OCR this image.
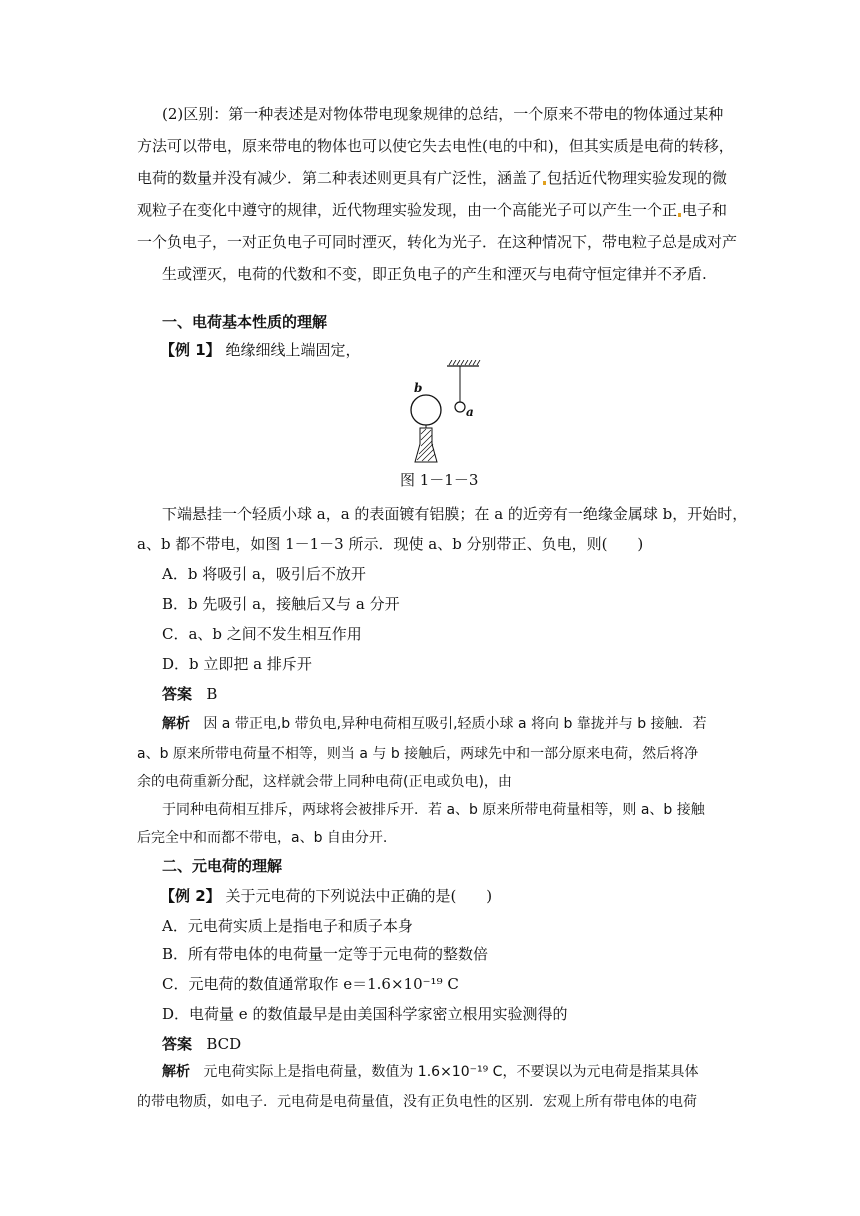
(2)区别：第一种表述是对物体带电现象规律的总结，一个原来不带电的物体通过某种
方法可以带电，原来带电的物体也可以使它失去电性(电的中和)，但其实质是电荷的转移，
电荷的数量并没有减少．第二种表述则更具有广泛性，涵盖了 包括近代物理实验发现的微
观粒子在变化中遵守的规律，近代物理实验发现，由一个高能光子可以产生一个正 电子和
一个负电子，一对正负电子可同时湮灭，转化为光子．在这种情况下，带电粒子总是成对产
生或湮灭，电荷的代数和不变，即正负电子的产生和湮灭与电荷守恒定律并不矛盾.
一、电荷基本性质的理解
【例 1】 绝缘细线上端固定，
b
a
图 1－1－3
下端悬挂一个轻质小球 a，a 的表面镀有铝膜；在 a 的近旁有一绝缘金属球 b，开始时，
a、b 都不带电，如图 1－1－3 所示．现使 a、b 分别带正、负电，则(　　)
A．b 将吸引 a，吸引后不放开
B．b 先吸引 a，接触后又与 a 分开
C．a、b 之间不发生相互作用
D．b 立即把 a 排斥开
答案 B
解析 因 a 带正电,b 带负电,异种电荷相互吸引,轻质小球 a 将向 b 靠拢并与 b 接触．若
a、b 原来所带电荷量不相等，则当 a 与 b 接触后，两球先中和一部分原来电荷，然后将净
余的电荷重新分配，这样就会带上同种电荷(正电或负电)，由
于同种电荷相互排斥，两球将会被排斥开．若 a、b 原来所带电荷量相等，则 a、b 接触
后完全中和而都不带电，a、b 自由分开.
二、元电荷的理解
【例 2】 关于元电荷的下列说法中正确的是(　　)
A．元电荷实质上是指电子和质子本身
B．所有带电体的电荷量一定等于元电荷的整数倍
C．元电荷的数值通常取作 e＝1.6×10⁻¹⁹ C
D．电荷量 e 的数值最早是由美国科学家密立根用实验测得的
答案 BCD
解析 元电荷实际上是指电荷量，数值为 1.6×10⁻¹⁹ C，不要误以为元电荷是指某具体
的带电物质，如电子．元电荷是电荷量值，没有正负电性的区别．宏观上所有带电体的电荷
